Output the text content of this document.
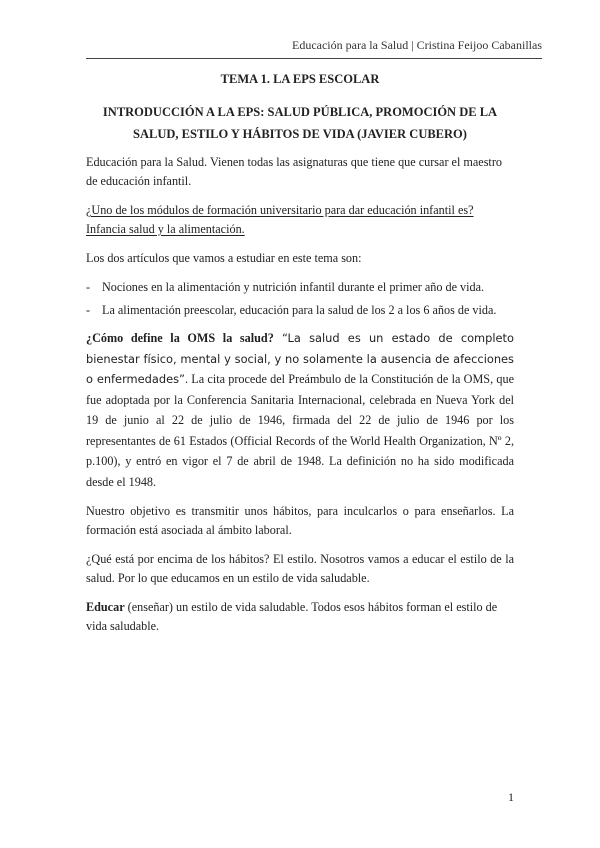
Educación para la Salud | Cristina Feijoo Cabanillas
TEMA 1. LA EPS ESCOLAR
INTRODUCCIÓN A LA EPS: SALUD PÚBLICA, PROMOCIÓN DE LA
SALUD, ESTILO Y HÁBITOS DE VIDA (JAVIER CUBERO)

Educación para la Salud. Vienen todas las asignaturas que tiene que cursar el maestro de educación infantil.

¿Uno de los módulos de formación universitario para dar educación infantil es? Infancia salud y la alimentación.

Los dos artículos que vamos a estudiar en este tema son:

- Nociones en la alimentación y nutrición infantil durante el primer año de vida.
- La alimentación preescolar, educación para la salud de los 2 a los 6 años de vida.

¿Cómo define la OMS la salud? “La salud es un estado de completo bienestar físico, mental y social, y no solamente la ausencia de afecciones o enfermedades”. La cita procede del Preámbulo de la Constitución de la OMS, que fue adoptada por la Conferencia Sanitaria Internacional, celebrada en Nueva York del 19 de junio al 22 de julio de 1946, firmada del 22 de julio de 1946 por los representantes de 61 Estados (Official Records of the World Health Organization, Nº 2, p.100), y entró en vigor el 7 de abril de 1948. La definición no ha sido modificada desde el 1948.

Nuestro objetivo es transmitir unos hábitos, para inculcarlos o para enseñarlos. La formación está asociada al ámbito laboral.

¿Qué está por encima de los hábitos? El estilo. Nosotros vamos a educar el estilo de la salud. Por lo que educamos en un estilo de vida saludable.

Educar (enseñar) un estilo de vida saludable. Todos esos hábitos forman el estilo de vida saludable.

1
